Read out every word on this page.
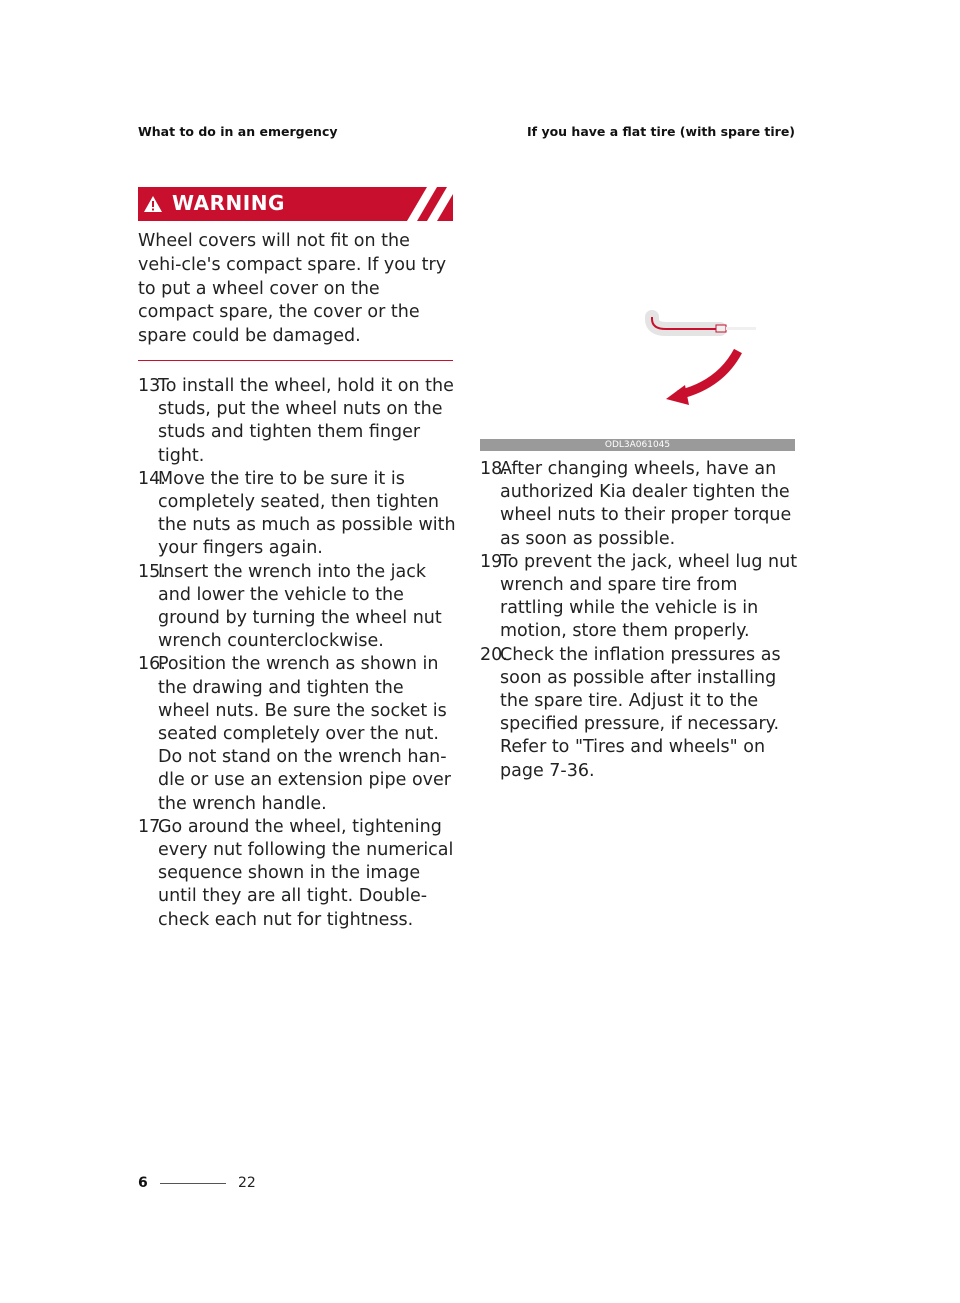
What to do in an emergency	If you have a flat tire (with spare tire)
WARNING
Wheel covers will not fit on the vehi-cle's compact spare. If you try to put a wheel cover on the compact spare, the cover or the spare could be damaged.
13.
To install the wheel, hold it on the studs, put the wheel nuts on the studs and tighten them finger tight.
14.
Move the tire to be sure it is completely seated, then tighten the nuts as much as possible with your fingers again.
15.
Insert the wrench into the jack and lower the vehicle to the ground by turning the wheel nut wrench counterclockwise.
16.
Position the wrench as shown in the drawing and tighten the wheel nuts. Be sure the socket is seated completely over the nut. Do not stand on the wrench han-dle or use an extension pipe over the wrench handle.
17.
Go around the wheel, tightening every nut following the numerical sequence shown in the image until they are all tight. Double-check each nut for tightness.
ODL3A061045
18.
After changing wheels, have an authorized Kia dealer tighten the wheel nuts to their proper torque as soon as possible.
19.
To prevent the jack, wheel lug nut wrench and spare tire from rattling while the vehicle is in motion, store them properly.
20.
Check the inflation pressures as soon as possible after installing the spare tire. Adjust it to the specified pressure, if necessary. Refer to "Tires and wheels" on page 7-36.
6	22
